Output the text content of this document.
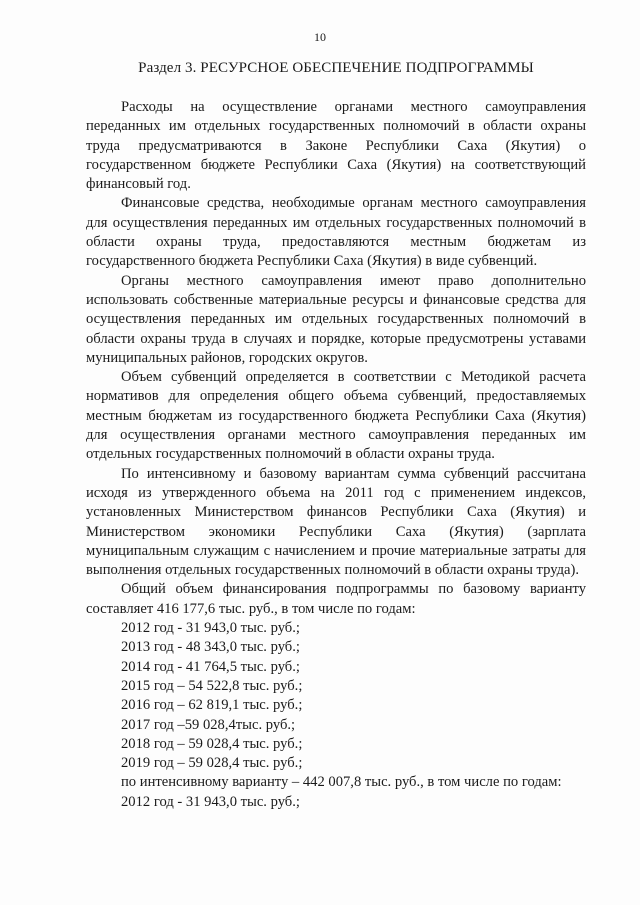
10
Раздел 3. РЕСУРСНОЕ ОБЕСПЕЧЕНИЕ ПОДПРОГРАММЫ

Расходы на осуществление органами местного самоуправления переданных им отдельных государственных полномочий в области охраны труда предусматриваются в Законе Республики Саха (Якутия) о государственном бюджете Республики Саха (Якутия) на соответствующий финансовый год.

Финансовые средства, необходимые органам местного самоуправления для осуществления переданных им отдельных государственных полномочий в области охраны труда, предоставляются местным бюджетам из государственного бюджета Республики Саха (Якутия) в виде субвенций.

Органы местного самоуправления имеют право дополнительно использовать собственные материальные ресурсы и финансовые средства для осуществления переданных им отдельных государственных полномочий в области охраны труда в случаях и порядке, которые предусмотрены уставами муниципальных районов, городских округов.

Объем субвенций определяется в соответствии с Методикой расчета нормативов для определения общего объема субвенций, предоставляемых местным бюджетам из государственного бюджета Республики Саха (Якутия) для осуществления органами местного самоуправления переданных им отдельных государственных полномочий в области охраны труда.

По интенсивному и базовому вариантам сумма субвенций рассчитана исходя из утвержденного объема на 2011 год с применением индексов, установленных Министерством финансов Республики Саха (Якутия) и Министерством экономики Республики Саха (Якутия) (зарплата муниципальным служащим с начислением и прочие материальные затраты для выполнения отдельных государственных полномочий в области охраны труда).

Общий объем финансирования подпрограммы по базовому варианту составляет 416 177,6 тыс. руб., в том числе по годам:

2012 год - 31 943,0 тыс. руб.;

2013 год - 48 343,0 тыс. руб.;

2014 год - 41 764,5 тыс. руб.;

2015 год – 54 522,8 тыс. руб.;

2016 год – 62 819,1 тыс. руб.;

2017 год –59 028,4тыс. руб.;

2018 год – 59 028,4 тыс. руб.;

2019 год – 59 028,4 тыс. руб.;

по интенсивному варианту – 442 007,8 тыс. руб., в том числе по годам:

2012 год - 31 943,0 тыс. руб.;
